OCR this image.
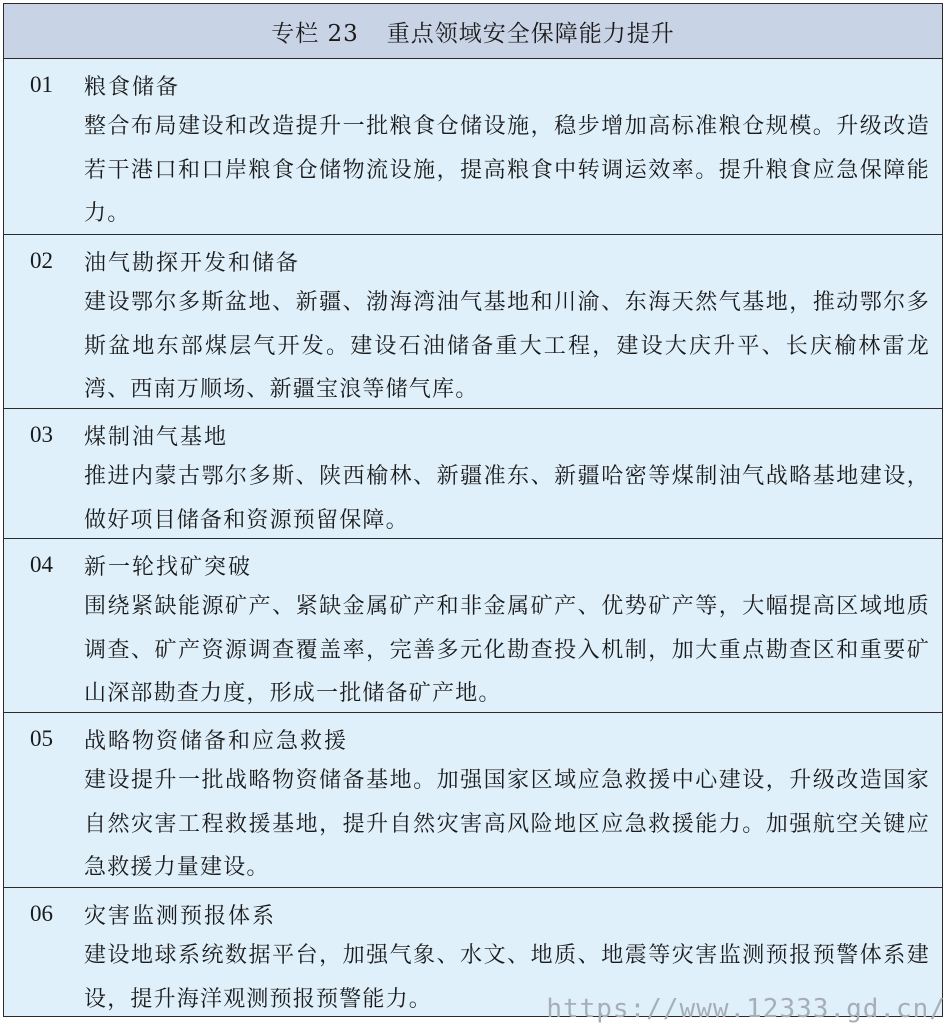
专栏 23 重点领域安全保障能力提升
01	粮食储备
整合布局建设和改造提升一批粮食仓储设施，稳步增加高标准粮仓规模。升级改造若干港口和口岸粮食仓储物流设施，提高粮食中转调运效率。提升粮食应急保障能力。
02	油气勘探开发和储备
建设鄂尔多斯盆地、新疆、渤海湾油气基地和川渝、东海天然气基地，推动鄂尔多斯盆地东部煤层气开发。建设石油储备重大工程，建设大庆升平、长庆榆林雷龙湾、西南万顺场、新疆宝浪等储气库。
03	煤制油气基地
推进内蒙古鄂尔多斯、陕西榆林、新疆准东、新疆哈密等煤制油气战略基地建设，做好项目储备和资源预留保障。
04	新一轮找矿突破
围绕紧缺能源矿产、紧缺金属矿产和非金属矿产、优势矿产等，大幅提高区域地质调查、矿产资源调查覆盖率，完善多元化勘查投入机制，加大重点勘查区和重要矿山深部勘查力度，形成一批储备矿产地。
05	战略物资储备和应急救援
建设提升一批战略物资储备基地。加强国家区域应急救援中心建设，升级改造国家自然灾害工程救援基地，提升自然灾害高风险地区应急救援能力。加强航空关键应急救援力量建设。
06	灾害监测预报体系
建设地球系统数据平台，加强气象、水文、地质、地震等灾害监测预报预警体系建设，提升海洋观测预报预警能力。	https://www.12333.gd.cn/
